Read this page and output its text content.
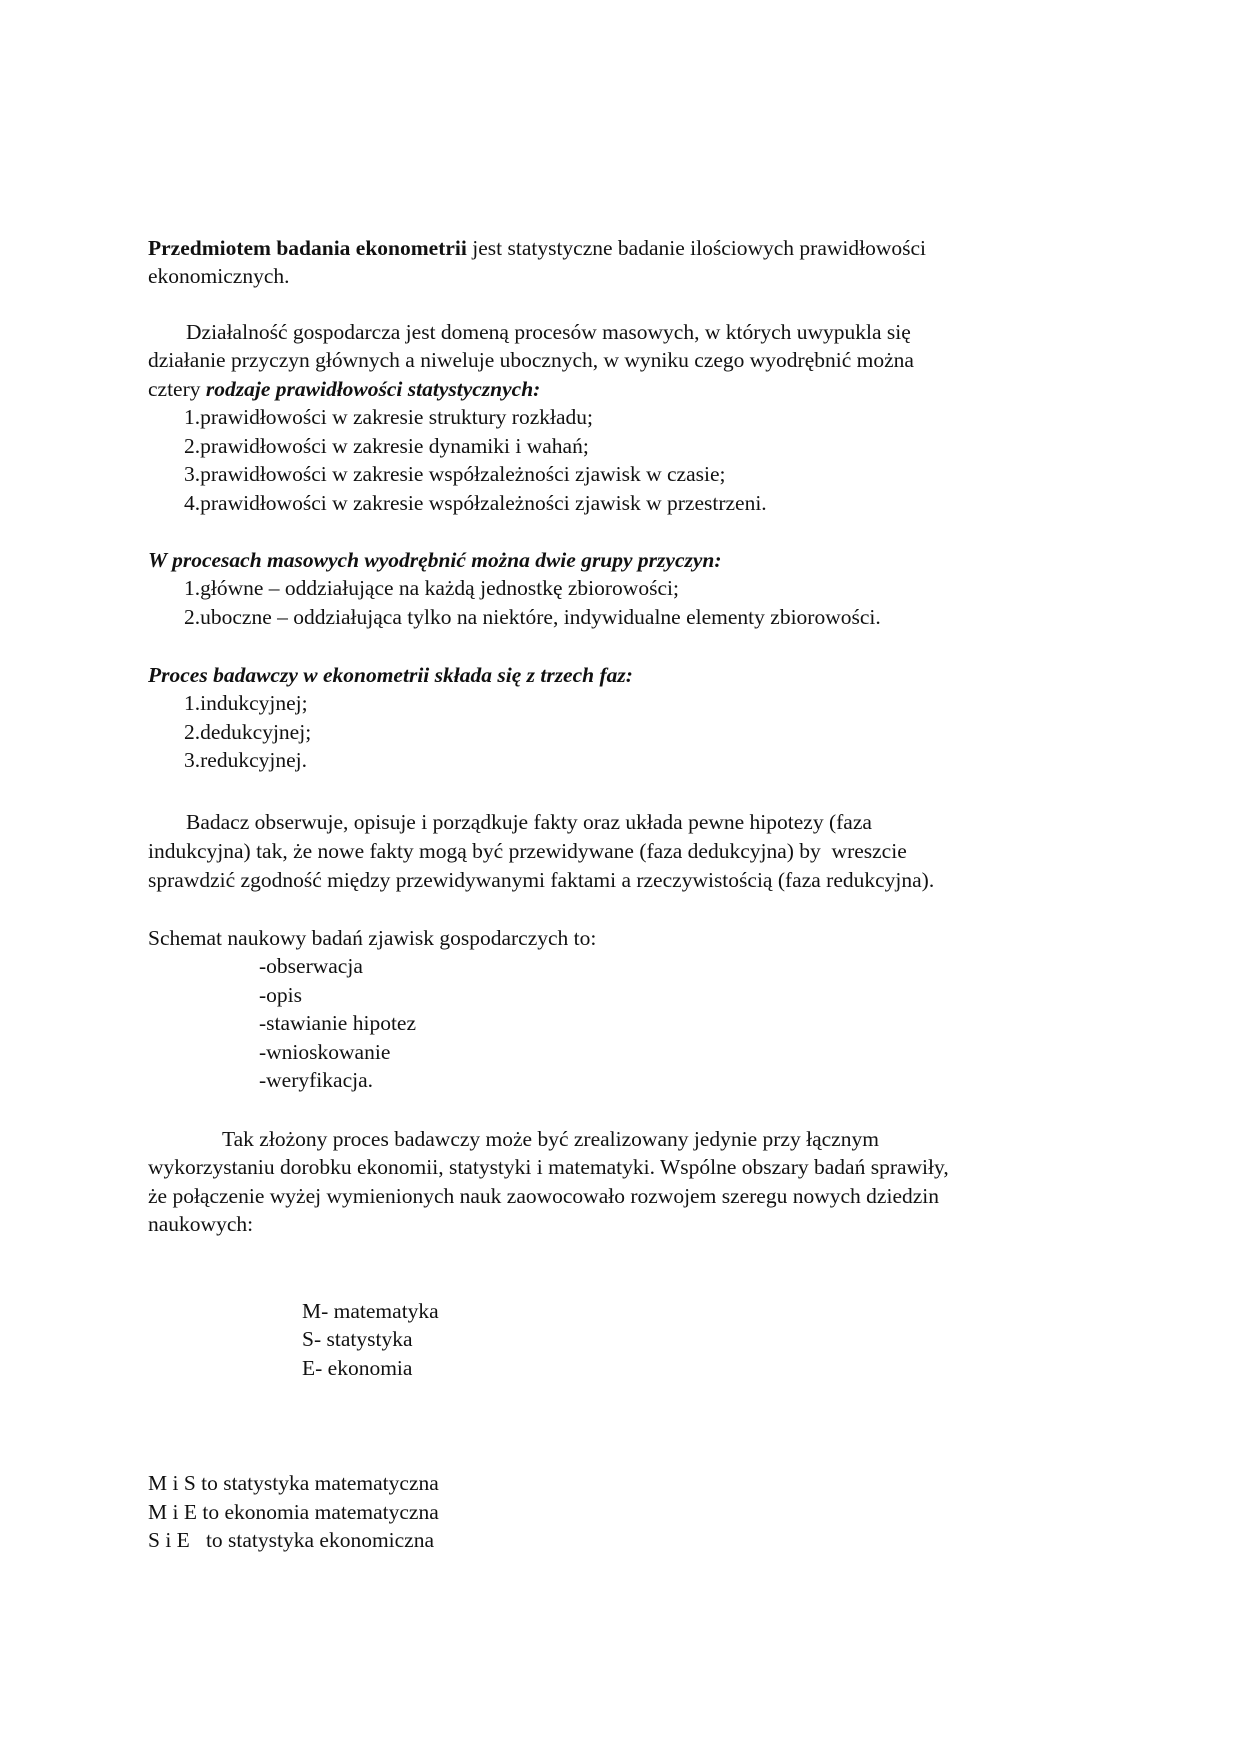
Przedmiotem badania ekonometrii jest statystyczne badanie ilościowych prawidłowości

ekonomicznych.

Działalność gospodarcza jest domeną procesów masowych, w których uwypukla się

działanie przyczyn głównych a niweluje ubocznych, w wyniku czego wyodrębnić można

cztery rodzaje prawidłowości statystycznych:

1.prawidłowości w zakresie struktury rozkładu;

2.prawidłowości w zakresie dynamiki i wahań;

3.prawidłowości w zakresie współzależności zjawisk w czasie;

4.prawidłowości w zakresie współzależności zjawisk w przestrzeni.

W procesach masowych wyodrębnić można dwie grupy przyczyn:

1.główne – oddziałujące na każdą jednostkę zbiorowości;

2.uboczne – oddziałująca tylko na niektóre, indywidualne elementy zbiorowości.

Proces badawczy w ekonometrii składa się z trzech faz:

1.indukcyjnej;

2.dedukcyjnej;

3.redukcyjnej.

Badacz obserwuje, opisuje i porządkuje fakty oraz układa pewne hipotezy (faza

indukcyjna) tak, że nowe fakty mogą być przewidywane (faza dedukcyjna) by  wreszcie

sprawdzić zgodność między przewidywanymi faktami a rzeczywistością (faza redukcyjna).

Schemat naukowy badań zjawisk gospodarczych to:

-obserwacja

-opis

-stawianie hipotez

-wnioskowanie

-weryfikacja.

Tak złożony proces badawczy może być zrealizowany jedynie przy łącznym

wykorzystaniu dorobku ekonomii, statystyki i matematyki. Wspólne obszary badań sprawiły,

że połączenie wyżej wymienionych nauk zaowocowało rozwojem szeregu nowych dziedzin

naukowych:

M- matematyka

S- statystyka

E- ekonomia

M i S to statystyka matematyczna

M i E to ekonomia matematyczna

S i E   to statystyka ekonomiczna
